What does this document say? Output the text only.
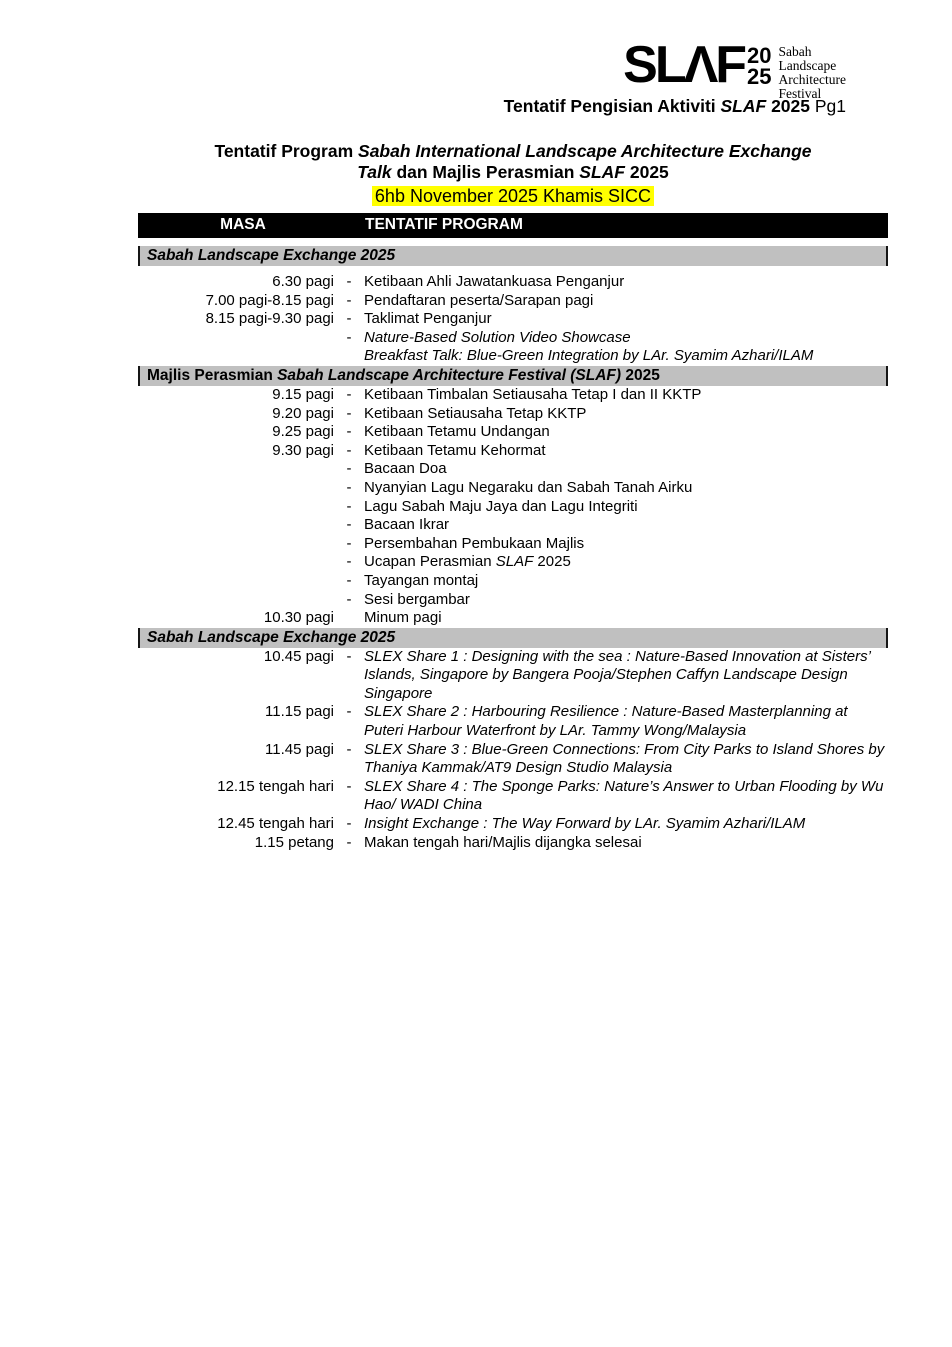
SLΛF 20
25
Sabah
Landscape
Architecture
Festival
Tentatif Pengisian Aktiviti SLAF 2025 Pg1
Tentatif Program Sabah International Landscape Architecture Exchange
Talk dan Majlis Perasmian SLAF 2025
6hb November 2025 Khamis SICC
MASA	TENTATIF PROGRAM
Sabah Landscape Exchange 2025
6.30 pagi - Ketibaan Ahli Jawatankuasa Penganjur
7.00 pagi-8.15 pagi - Pendaftaran peserta/Sarapan pagi
8.15 pagi-9.30 pagi - Taklimat Penganjur
- Nature-Based Solution Video Showcase
Breakfast Talk: Blue-Green Integration by LAr. Syamim Azhari/ILAM
Majlis Perasmian Sabah Landscape Architecture Festival (SLAF) 2025
9.15 pagi - Ketibaan Timbalan Setiausaha Tetap I dan II KKTP
9.20 pagi - Ketibaan Setiausaha Tetap KKTP
9.25 pagi - Ketibaan Tetamu Undangan
9.30 pagi - Ketibaan Tetamu Kehormat
- Bacaan Doa
- Nyanyian Lagu Negaraku dan Sabah Tanah Airku
- Lagu Sabah Maju Jaya dan Lagu Integriti
- Bacaan Ikrar
- Persembahan Pembukaan Majlis
- Ucapan Perasmian SLAF 2025
- Tayangan montaj
- Sesi bergambar
10.30 pagi Minum pagi
Sabah Landscape Exchange 2025
10.45 pagi - SLEX Share 1 : Designing with the sea : Nature-Based Innovation at Sisters’ Islands, Singapore by Bangera Pooja/Stephen Caffyn Landscape Design Singapore
11.15 pagi - SLEX Share 2 : Harbouring Resilience : Nature-Based Masterplanning at Puteri Harbour Waterfront by LAr. Tammy Wong/Malaysia
11.45 pagi - SLEX Share 3 : Blue-Green Connections: From City Parks to Island Shores by Thaniya Kammak/AT9 Design Studio Malaysia
12.15 tengah hari - SLEX Share 4 : The Sponge Parks: Nature’s Answer to Urban Flooding by Wu Hao/ WADI China
12.45 tengah hari - Insight Exchange : The Way Forward by LAr. Syamim Azhari/ILAM
1.15 petang - Makan tengah hari/Majlis dijangka selesai
